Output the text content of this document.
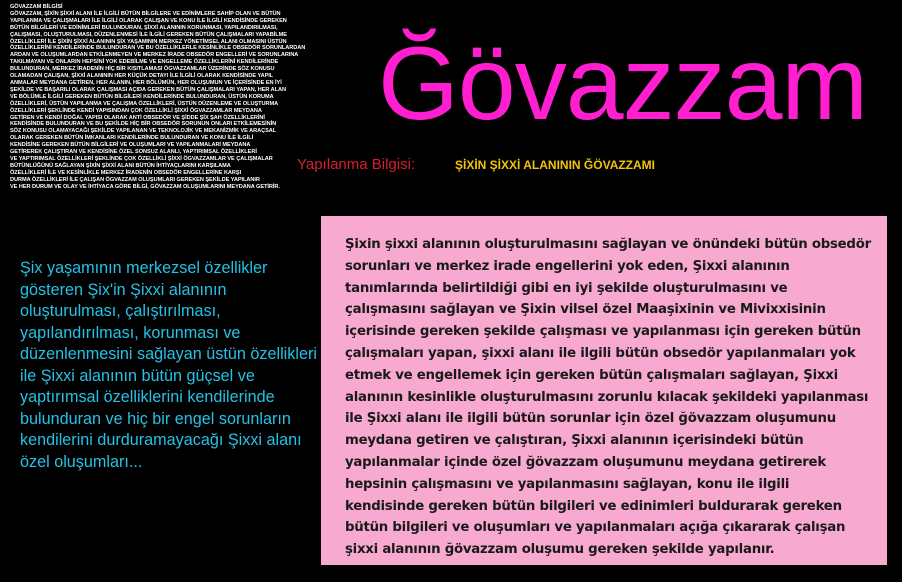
GÖVAZZAM BİLGİSİ
GÖVAZZAM, ŞİXİN ŞİXXİ ALANI İLE İLGİLİ BÜTÜN BİLGİLERE VE EDİNİMLERE SAHİP OLAN VE BÜTÜN
YAPILANMA VE ÇALIŞMALARI İLE İLGİLİ OLARAK ÇALIŞAN VE KONU İLE İLGİLİ KENDİSİNDE GEREKEN
BÜTÜN BİLGİLERİ VE EDİNİMLERİ BULUNDURAN, ŞİXXİ ALANININ KORUNMASI, YAPILANDIRILMASI,
ÇALIŞMASI, OLUŞTURULMASI, DÜZENLENMESİ İLE İLGİLİ GEREKEN BÜTÜN ÇALIŞMALARI YAPABİLME
ÖZELLİKLERİ İLE ŞİXİN ŞİXXİ ALANININ ŞİX YAŞAMININ MERKEZ YÖNETİMSEL ALANI OLMASINI ÜSTÜN
ÖZELLİKLERİNİ KENDİLERİNDE BULUNDURAN VE BU ÖZELLİKLERLE KESİNLİKLE OBSEDÖR SORUNLARDAN
ARDAN VE OLUŞUMLARDAN ETKİLENMEYEN VE MERKEZ İRADE OBSEDÖR ENGELLERİ VE SORUNLARINA
TAKILMAYAN VE ONLARIN HEPSİNİ YOK EDEBİLME VE ENGELLEME ÖZELLİKLERİNİ KENDİLERİNDE
BULUNDURAN, MERKEZ İRADENİN HİÇ BİR KISITLAMASI ÖGVAZZAMLAR ÜZERİNDE SÖZ KONUSU
OLAMADAN ÇALIŞAN, ŞİXXİ ALANININ HER KÜÇÜK DETAYI İLE İLGİLİ OLARAK KENDİSİNDE YAPIL
ANMALAR MEYDANA GETİREN, HER ALANIN, HER BÖLÜMÜN, HER OLUŞUMUN VE İÇERİSİNDE EN İYİ
ŞEKİLDE VE BAŞARILI OLARAK ÇALIŞMASI AÇIDA GEREKEN BÜTÜN ÇALIŞMALARI YAPAN, HER ALAN
VE BÖLÜMLE İLGİLİ GEREKEN BÜTÜN BİLGİLERİ KENDİLERİNDE BULUNDURAN, ÜSTÜN KORUMA
ÖZELLİKLERİ, ÜSTÜN YAPILANMA VE ÇALIŞMA ÖZELLİKLERİ, ÜSTÜN DÜZENLEME VE OLUŞTURMA
ÖZELLİKLERİ ŞEKLİNDE KENDİ YAPISINDAN ÇOK ÖZELLİKLİ ŞİXXİ ÖGVAZZAMLAR MEYDANA
GETİREN VE KENDİ DOĞAL YAPISI OLARAK ANTİ OBSEDÖR VE ŞİDDE ŞİX ŞAH ÖZELLİKLERİNİ
KENDİSİNDE BULUNDURAN VE BU ŞEKİLDE HİÇ BİR OBSEDÖR SORUNUN ONLARI ETKİLEMESİNİN
SÖZ KONUSU OLAMAYACAĞI ŞEKİLDE YAPILANAN VE TEKNOLOJİK VE MEKANİZMİK VE ARAÇSAL
OLARAK GEREKEN BÜTÜN İMKANLARI KENDİLERİNDE BULUNDURAN VE KONU İLE İLGİLİ
KENDİSİNE GEREKEN BÜTÜN BİLGİLERİ VE OLUŞUMLARI VE YAPILANMALARI MEYDANA
GETİREREK ÇALIŞTIRAN VE KENDİSİNE ÖZEL SONSUZ ALANLI, YAPTIRIMSAL ÖZELLİKLERİ
VE YAPTIRIMSAL ÖZELLİKLERİ ŞEKLİNDE ÇOK ÖZELLİKLİ ŞİXXİ ÖGVAZZAMLAR VE ÇALIŞMALAR
BÜTÜNLÜĞÜNÜ SAĞLAYAN ŞİXİN ŞİXXİ ALANI BÜTÜN İHTİYAÇLARINI KARŞILAMA
ÖZELLİKLERİ İLE VE KESİNLİKLE MERKEZ İRADENİN OBSEDÖR ENGELLERİNE KARŞI
DURMA ÖZELLİKLERİ İLE ÇALIŞAN ÖGVAZZAM OLUŞUMLARI GEREKEN ŞEKİLDE YAPILANIR
VE HER DURUM VE OLAY VE İHTİYACA GÖRE BİLGİ, GÖVAZZAM OLUŞUMLARINI MEYDANA GETİRİR.
Ğövazzam
Yapılanma Bilgisi:	ŞİXİN ŞİXXİ ALANININ ĞÖVAZZAMI
Şix yaşamının merkezsel özellikler gösteren Şix'in Şixxi alanının oluşturulması, çalıştırılması, yapılandırılması, korunması ve düzenlenmesini sağlayan üstün özellikleri ile Şixxi alanının bütün güçsel ve yaptırımsal özelliklerini kendilerinde bulunduran ve hiç bir engel sorunların kendilerini durduramayacağı Şixxi alanı özel oluşumları...

Şixin şixxi alanının oluşturulmasını sağlayan ve önündeki bütün obsedör sorunları ve merkez irade engellerini yok eden, Şixxi alanının tanımlarında belirtildiği gibi en iyi şekilde oluşturulmasını ve çalışmasını sağlayan ve Şixin vilsel özel Maaşixinin ve Mivixxisinin içerisinde gereken şekilde çalışması ve yapılanması için gereken bütün çalışmaları yapan, şixxi alanı ile ilgili bütün obsedör yapılanmaları yok etmek ve engellemek için gereken bütün çalışmaları sağlayan, Şixxi alanının kesinlikle oluşturulmasını zorunlu kılacak şekildeki yapılanması ile Şixxi alanı ile ilgili bütün sorunlar için özel ğövazzam oluşumunu meydana getiren ve çalıştıran, Şixxi alanının içerisindeki bütün yapılanmalar içinde özel ğövazzam oluşumunu meydana getirerek hepsinin çalışmasını ve yapılanmasını sağlayan, konu ile ilgili kendisinde gereken bütün bilgileri ve edinimleri buldurarak gereken bütün bilgileri ve oluşumları ve yapılanmaları açığa çıkararak çalışan şixxi alanının ğövazzam oluşumu gereken şekilde yapılanır.
